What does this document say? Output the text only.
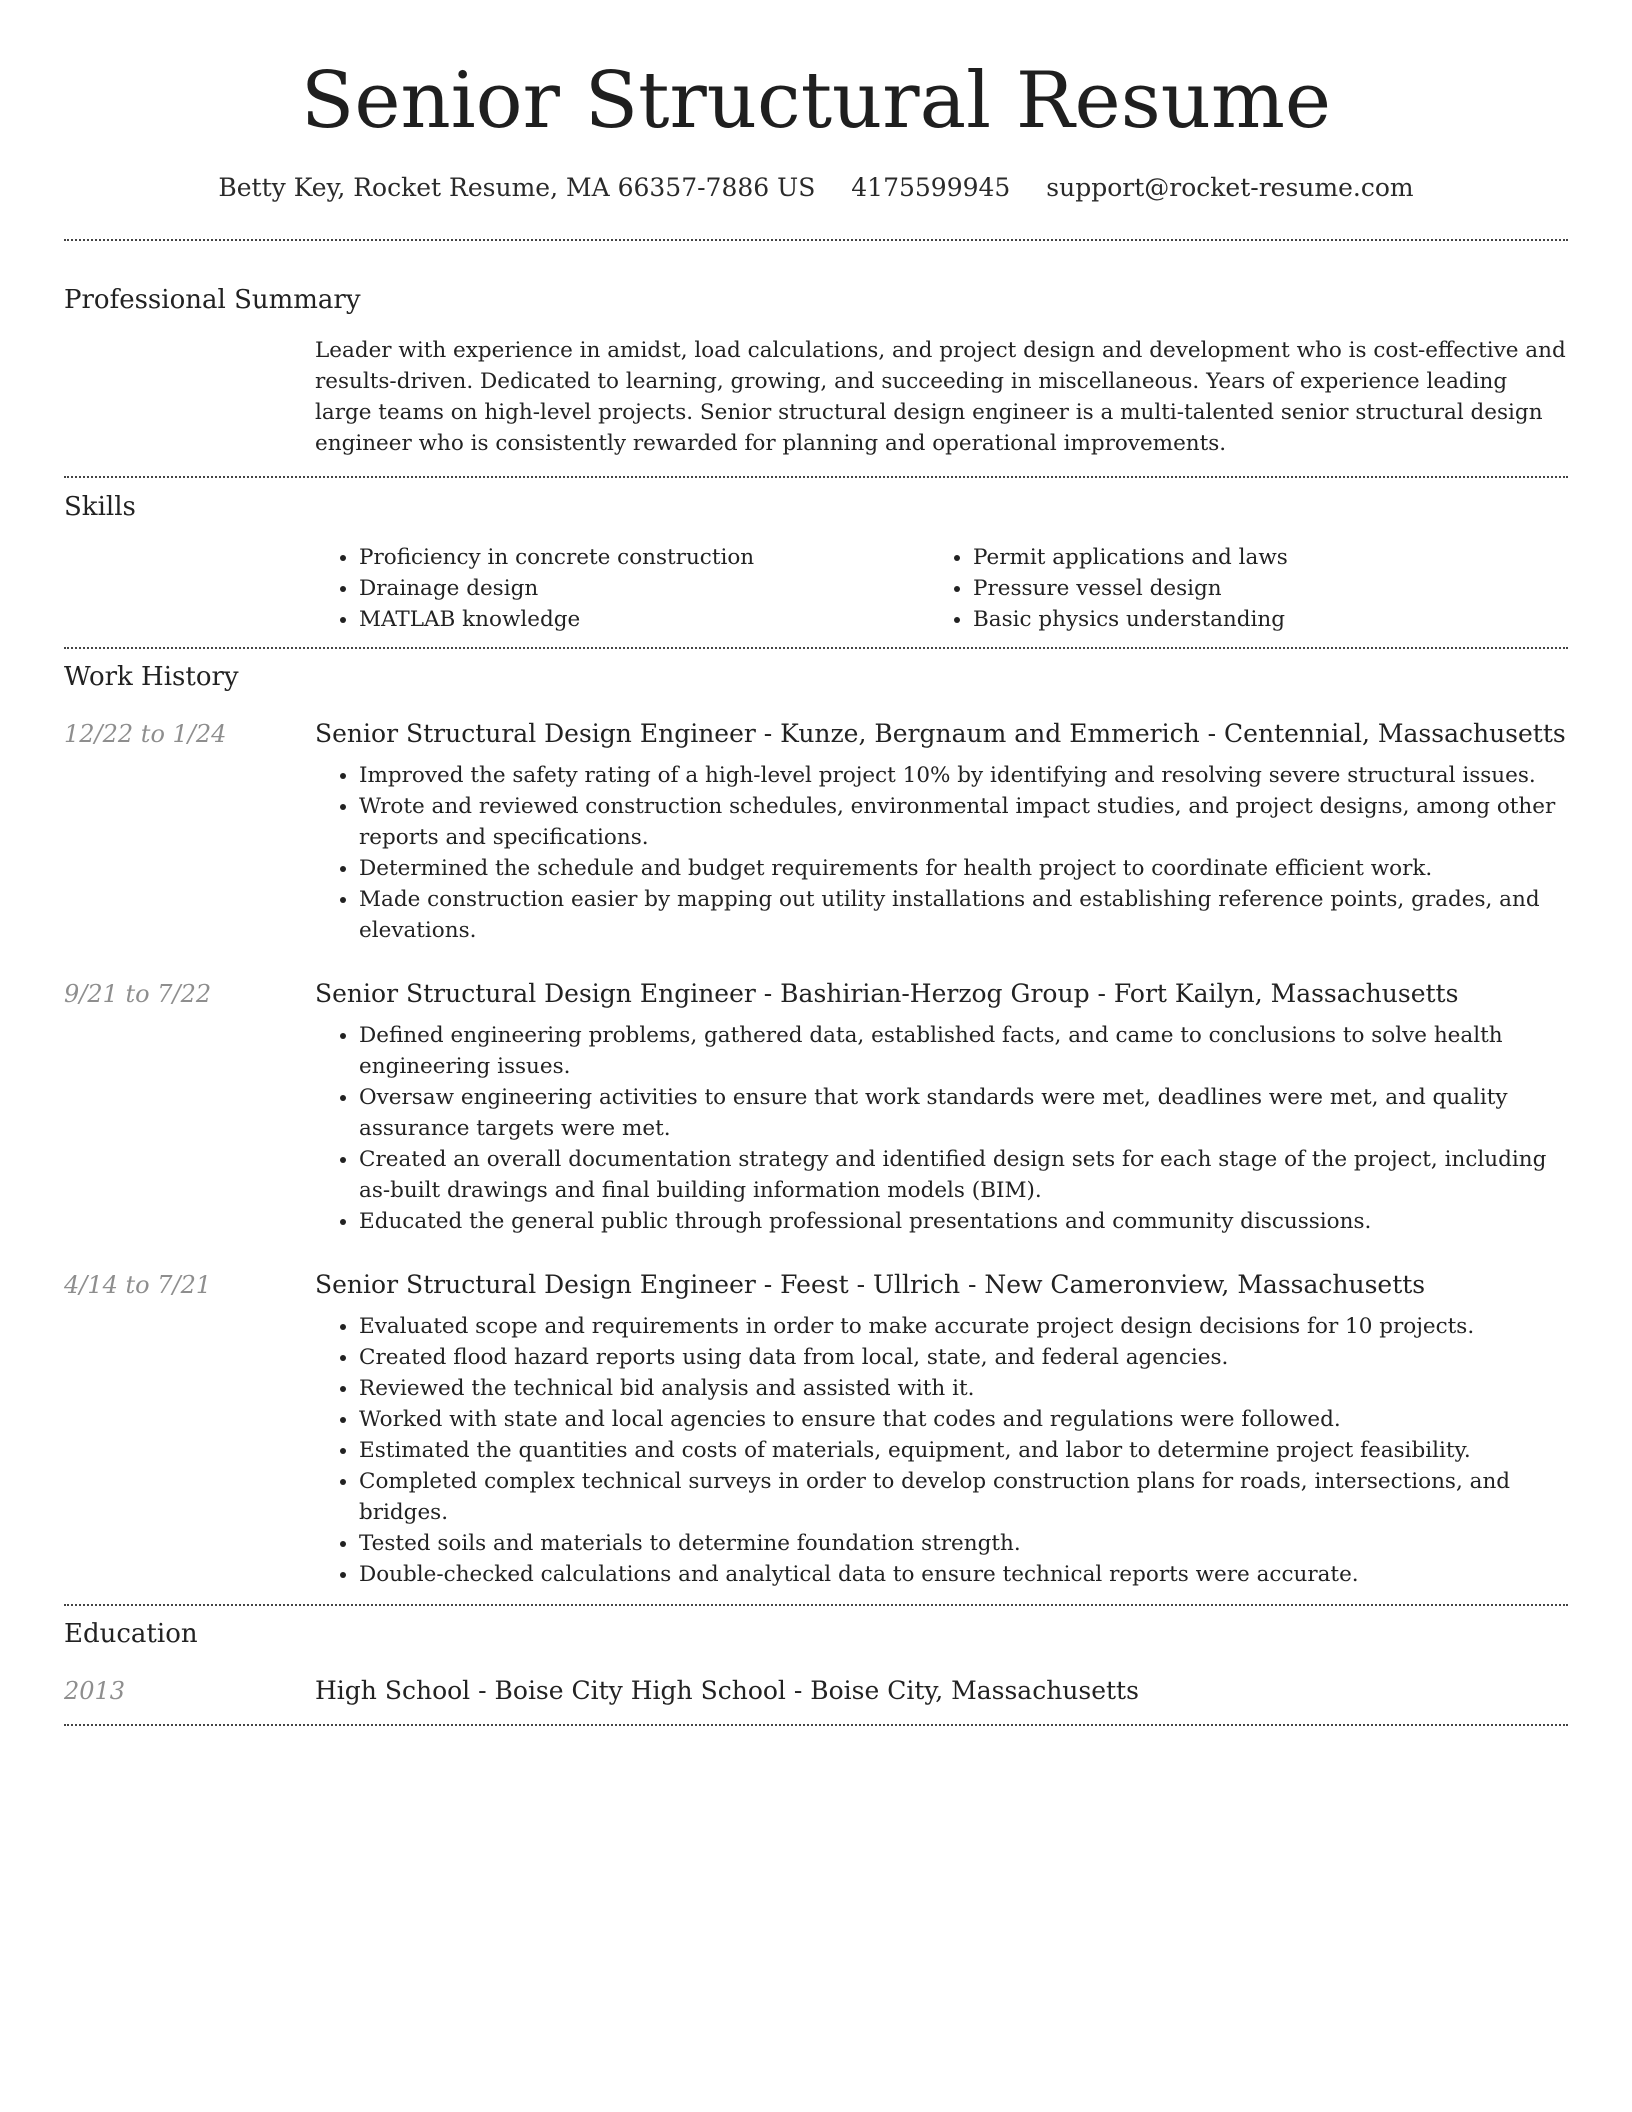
Senior Structural Resume
Betty Key, Rocket Resume, MA 66357-7886 US 4175599945 support@rocket-resume.com
Professional Summary

Leader with experience in amidst, load calculations, and project design and development who is cost-effective and results-driven. Dedicated to learning, growing, and succeeding in miscellaneous. Years of experience leading large teams on high-level projects. Senior structural design engineer is a multi-talented senior structural design engineer who is consistently rewarded for planning and operational improvements.

Skills
• Proficiency in concrete construction
• Drainage design
• MATLAB knowledge
• Permit applications and laws
• Pressure vessel design
• Basic physics understanding
Work History
12/22 to 1/24	Senior Structural Design Engineer - Kunze, Bergnaum and Emmerich - Centennial, Massachusetts
• Improved the safety rating of a high-level project 10% by identifying and resolving severe structural issues.
• Wrote and reviewed construction schedules, environmental impact studies, and project designs, among other reports and specifications.
• Determined the schedule and budget requirements for health project to coordinate efficient work.
• Made construction easier by mapping out utility installations and establishing reference points, grades, and elevations.
9/21 to 7/22	Senior Structural Design Engineer - Bashirian-Herzog Group - Fort Kailyn, Massachusetts
• Defined engineering problems, gathered data, established facts, and came to conclusions to solve health engineering issues.
• Oversaw engineering activities to ensure that work standards were met, deadlines were met, and quality assurance targets were met.
• Created an overall documentation strategy and identified design sets for each stage of the project, including as-built drawings and final building information models (BIM).
• Educated the general public through professional presentations and community discussions.
4/14 to 7/21	Senior Structural Design Engineer - Feest - Ullrich - New Cameronview, Massachusetts
• Evaluated scope and requirements in order to make accurate project design decisions for 10 projects.
• Created flood hazard reports using data from local, state, and federal agencies.
• Reviewed the technical bid analysis and assisted with it.
• Worked with state and local agencies to ensure that codes and regulations were followed.
• Estimated the quantities and costs of materials, equipment, and labor to determine project feasibility.
• Completed complex technical surveys in order to develop construction plans for roads, intersections, and bridges.
• Tested soils and materials to determine foundation strength.
• Double-checked calculations and analytical data to ensure technical reports were accurate.
Education
2013	High School - Boise City High School - Boise City, Massachusetts
